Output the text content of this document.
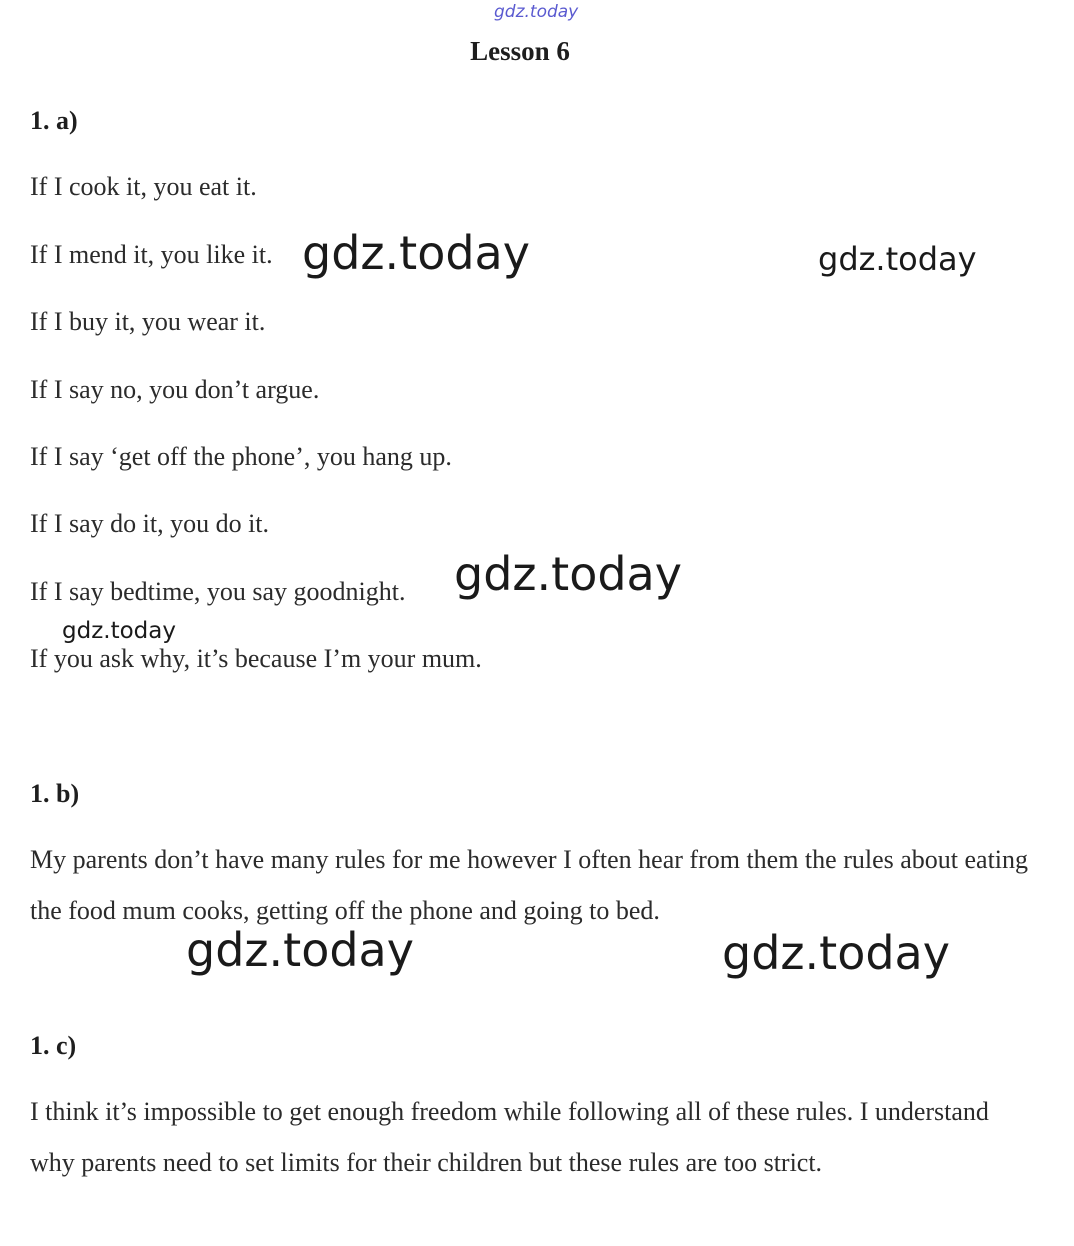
gdz.today
Lesson 6
1. a)
If I cook it, you eat it.
If I mend it, you like it.
If I buy it, you wear it.
If I say no, you don’t argue.
If I say ‘get off the phone’, you hang up.
If I say do it, you do it.
If I say bedtime, you say goodnight.
If you ask why, it’s because I’m your mum.
1. b)
My parents don’t have many rules for me however I often hear from them the rules about eating the food mum cooks, getting off the phone and going to bed.
1. c)
I think it’s impossible to get enough freedom while following all of these rules. I understand why parents need to set limits for their children but these rules are too strict.
gdz.today	gdz.today
gdz.today
gdz.today
gdz.today	gdz.today
